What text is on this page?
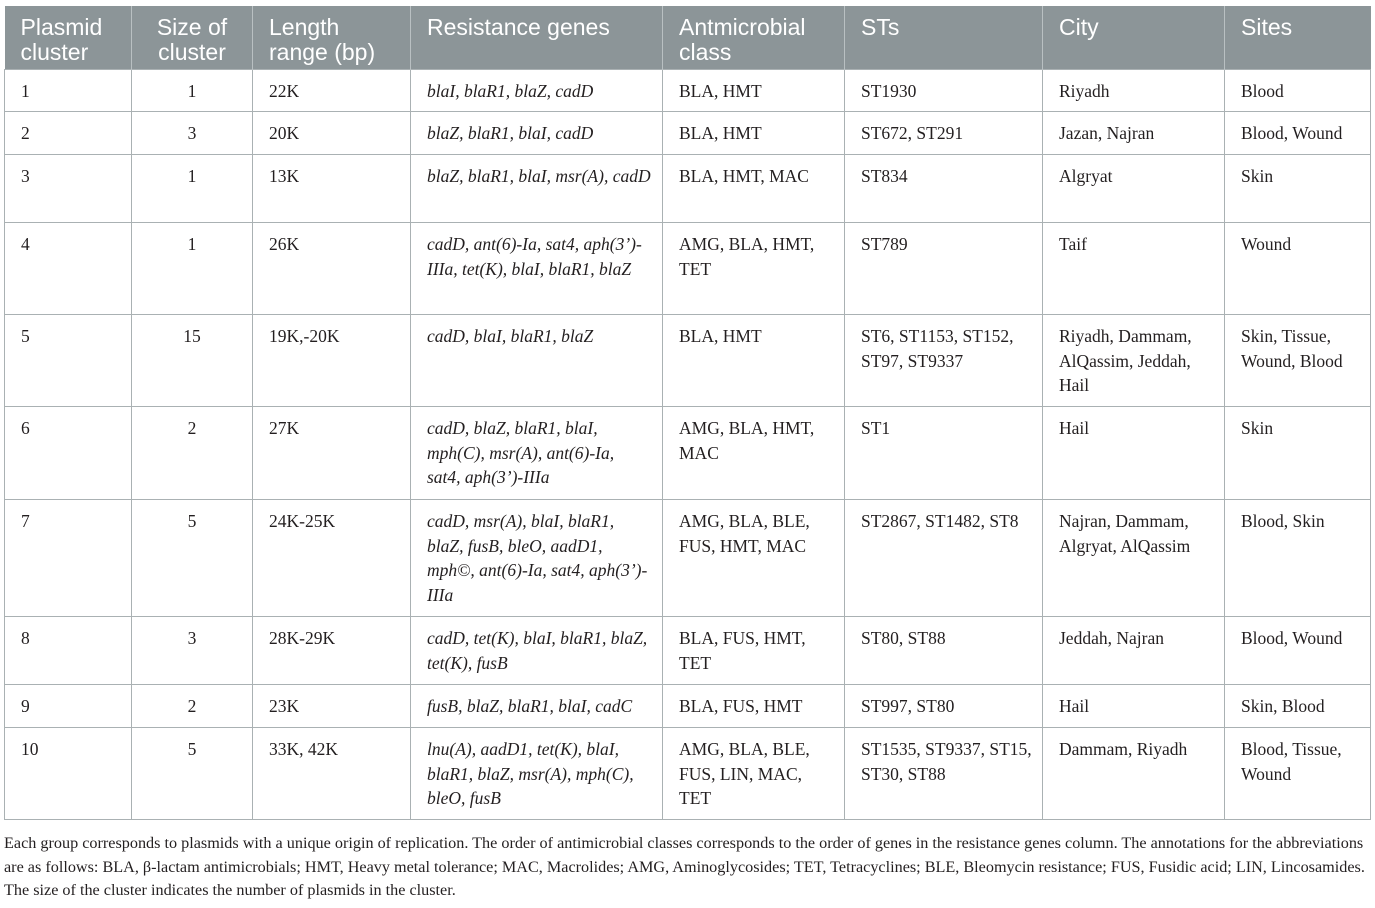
Plasmid cluster	Size of cluster	Length range (bp)	Resistance genes	Antmicrobial class	STs	City	Sites
1	1	22K	blaI, blaR1, blaZ, cadD	BLA, HMT	ST1930	Riyadh	Blood
2	3	20K	blaZ, blaR1, blaI, cadD	BLA, HMT	ST672, ST291	Jazan, Najran	Blood, Wound
3	1	13K	blaZ, blaR1, blaI, msr(A), cadD	BLA, HMT, MAC	ST834	Algryat	Skin
4	1	26K	cadD, ant(6)-Ia, sat4, aph(3’)-IIIa, tet(K), blaI, blaR1, blaZ	AMG, BLA, HMT, TET	ST789	Taif	Wound
5	15	19K,-20K	cadD, blaI, blaR1, blaZ	BLA, HMT	ST6, ST1153, ST152, ST97, ST9337	Riyadh, Dammam, AlQassim, Jeddah, Hail	Skin, Tissue, Wound, Blood
6	2	27K	cadD, blaZ, blaR1, blaI, mph(C), msr(A), ant(6)-Ia, sat4, aph(3’)-IIIa	AMG, BLA, HMT, MAC	ST1	Hail	Skin
7	5	24K-25K	cadD, msr(A), blaI, blaR1, blaZ, fusB, bleO, aadD1, mph©, ant(6)-Ia, sat4, aph(3’)-IIIa	AMG, BLA, BLE, FUS, HMT, MAC	ST2867, ST1482, ST8	Najran, Dammam, Algryat, AlQassim	Blood, Skin
8	3	28K-29K	cadD, tet(K), blaI, blaR1, blaZ, tet(K), fusB	BLA, FUS, HMT, TET	ST80, ST88	Jeddah, Najran	Blood, Wound
9	2	23K	fusB, blaZ, blaR1, blaI, cadC	BLA, FUS, HMT	ST997, ST80	Hail	Skin, Blood
10	5	33K, 42K	lnu(A), aadD1, tet(K), blaI, blaR1, blaZ, msr(A), mph(C), bleO, fusB	AMG, BLA, BLE, FUS, LIN, MAC, TET	ST1535, ST9337, ST15, ST30, ST88	Dammam, Riyadh	Blood, Tissue, Wound
Each group corresponds to plasmids with a unique origin of replication. The order of antimicrobial classes corresponds to the order of genes in the resistance genes column. The annotations for the abbreviations are as follows: BLA, β-lactam antimicrobials; HMT, Heavy metal tolerance; MAC, Macrolides; AMG, Aminoglycosides; TET, Tetracyclines; BLE, Bleomycin resistance; FUS, Fusidic acid; LIN, Lincosamides. The size of the cluster indicates the number of plasmids in the cluster.
